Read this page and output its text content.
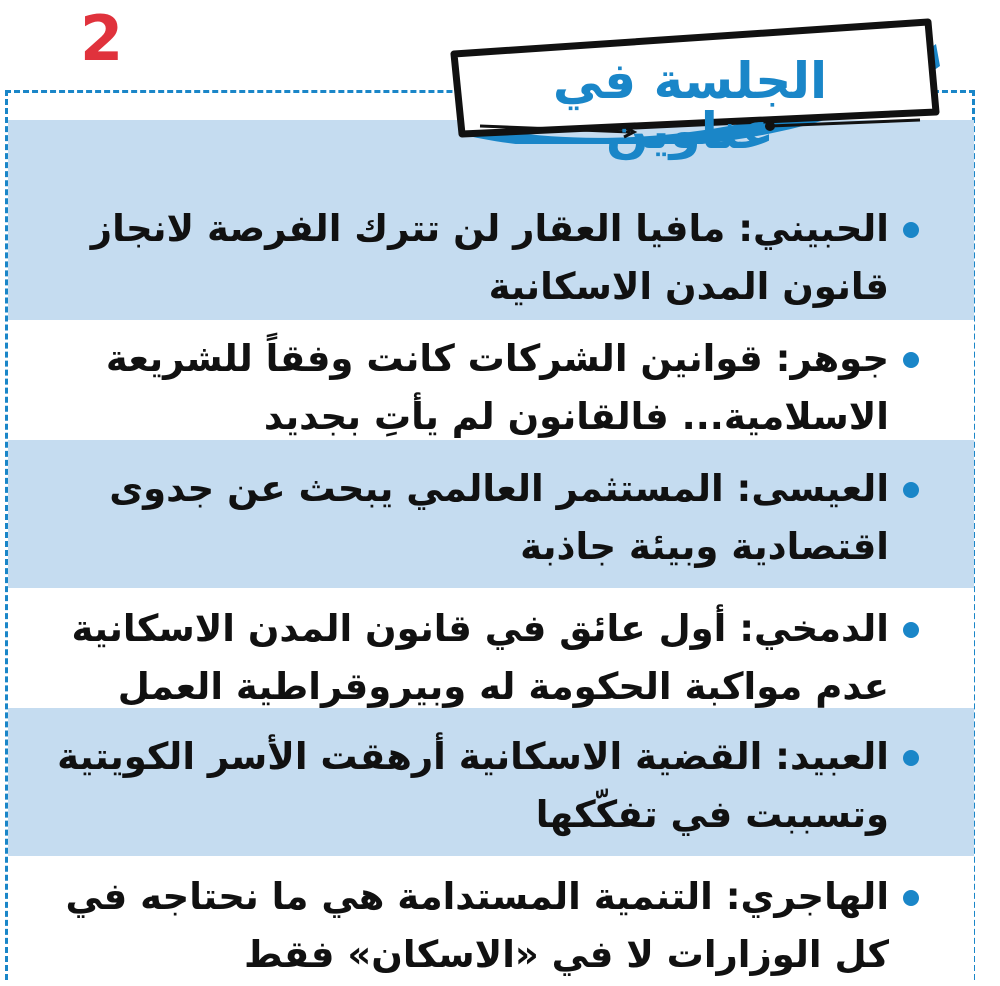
2
الحبيني: مافيا العقار لن تترك الفرصة لانجاز قانون المدن الاسكانية
جوهر: قوانين الشركات كانت وفقاً للشريعة الاسلامية... فالقانون لم يأتِ بجديد
العيسى: المستثمر العالمي يبحث عن جدوى اقتصادية وبيئة جاذبة
الدمخي: أول عائق في قانون المدن الاسكانية عدم مواكبة الحكومة له وبيروقراطية العمل
العبيد: القضية الاسكانية أرهقت الأسر الكويتية وتسببت في تفكّكها
الهاجري: التنمية المستدامة هي ما نحتاجه في كل الوزارات لا في «الاسكان» فقط
الجلسة في عناوين
